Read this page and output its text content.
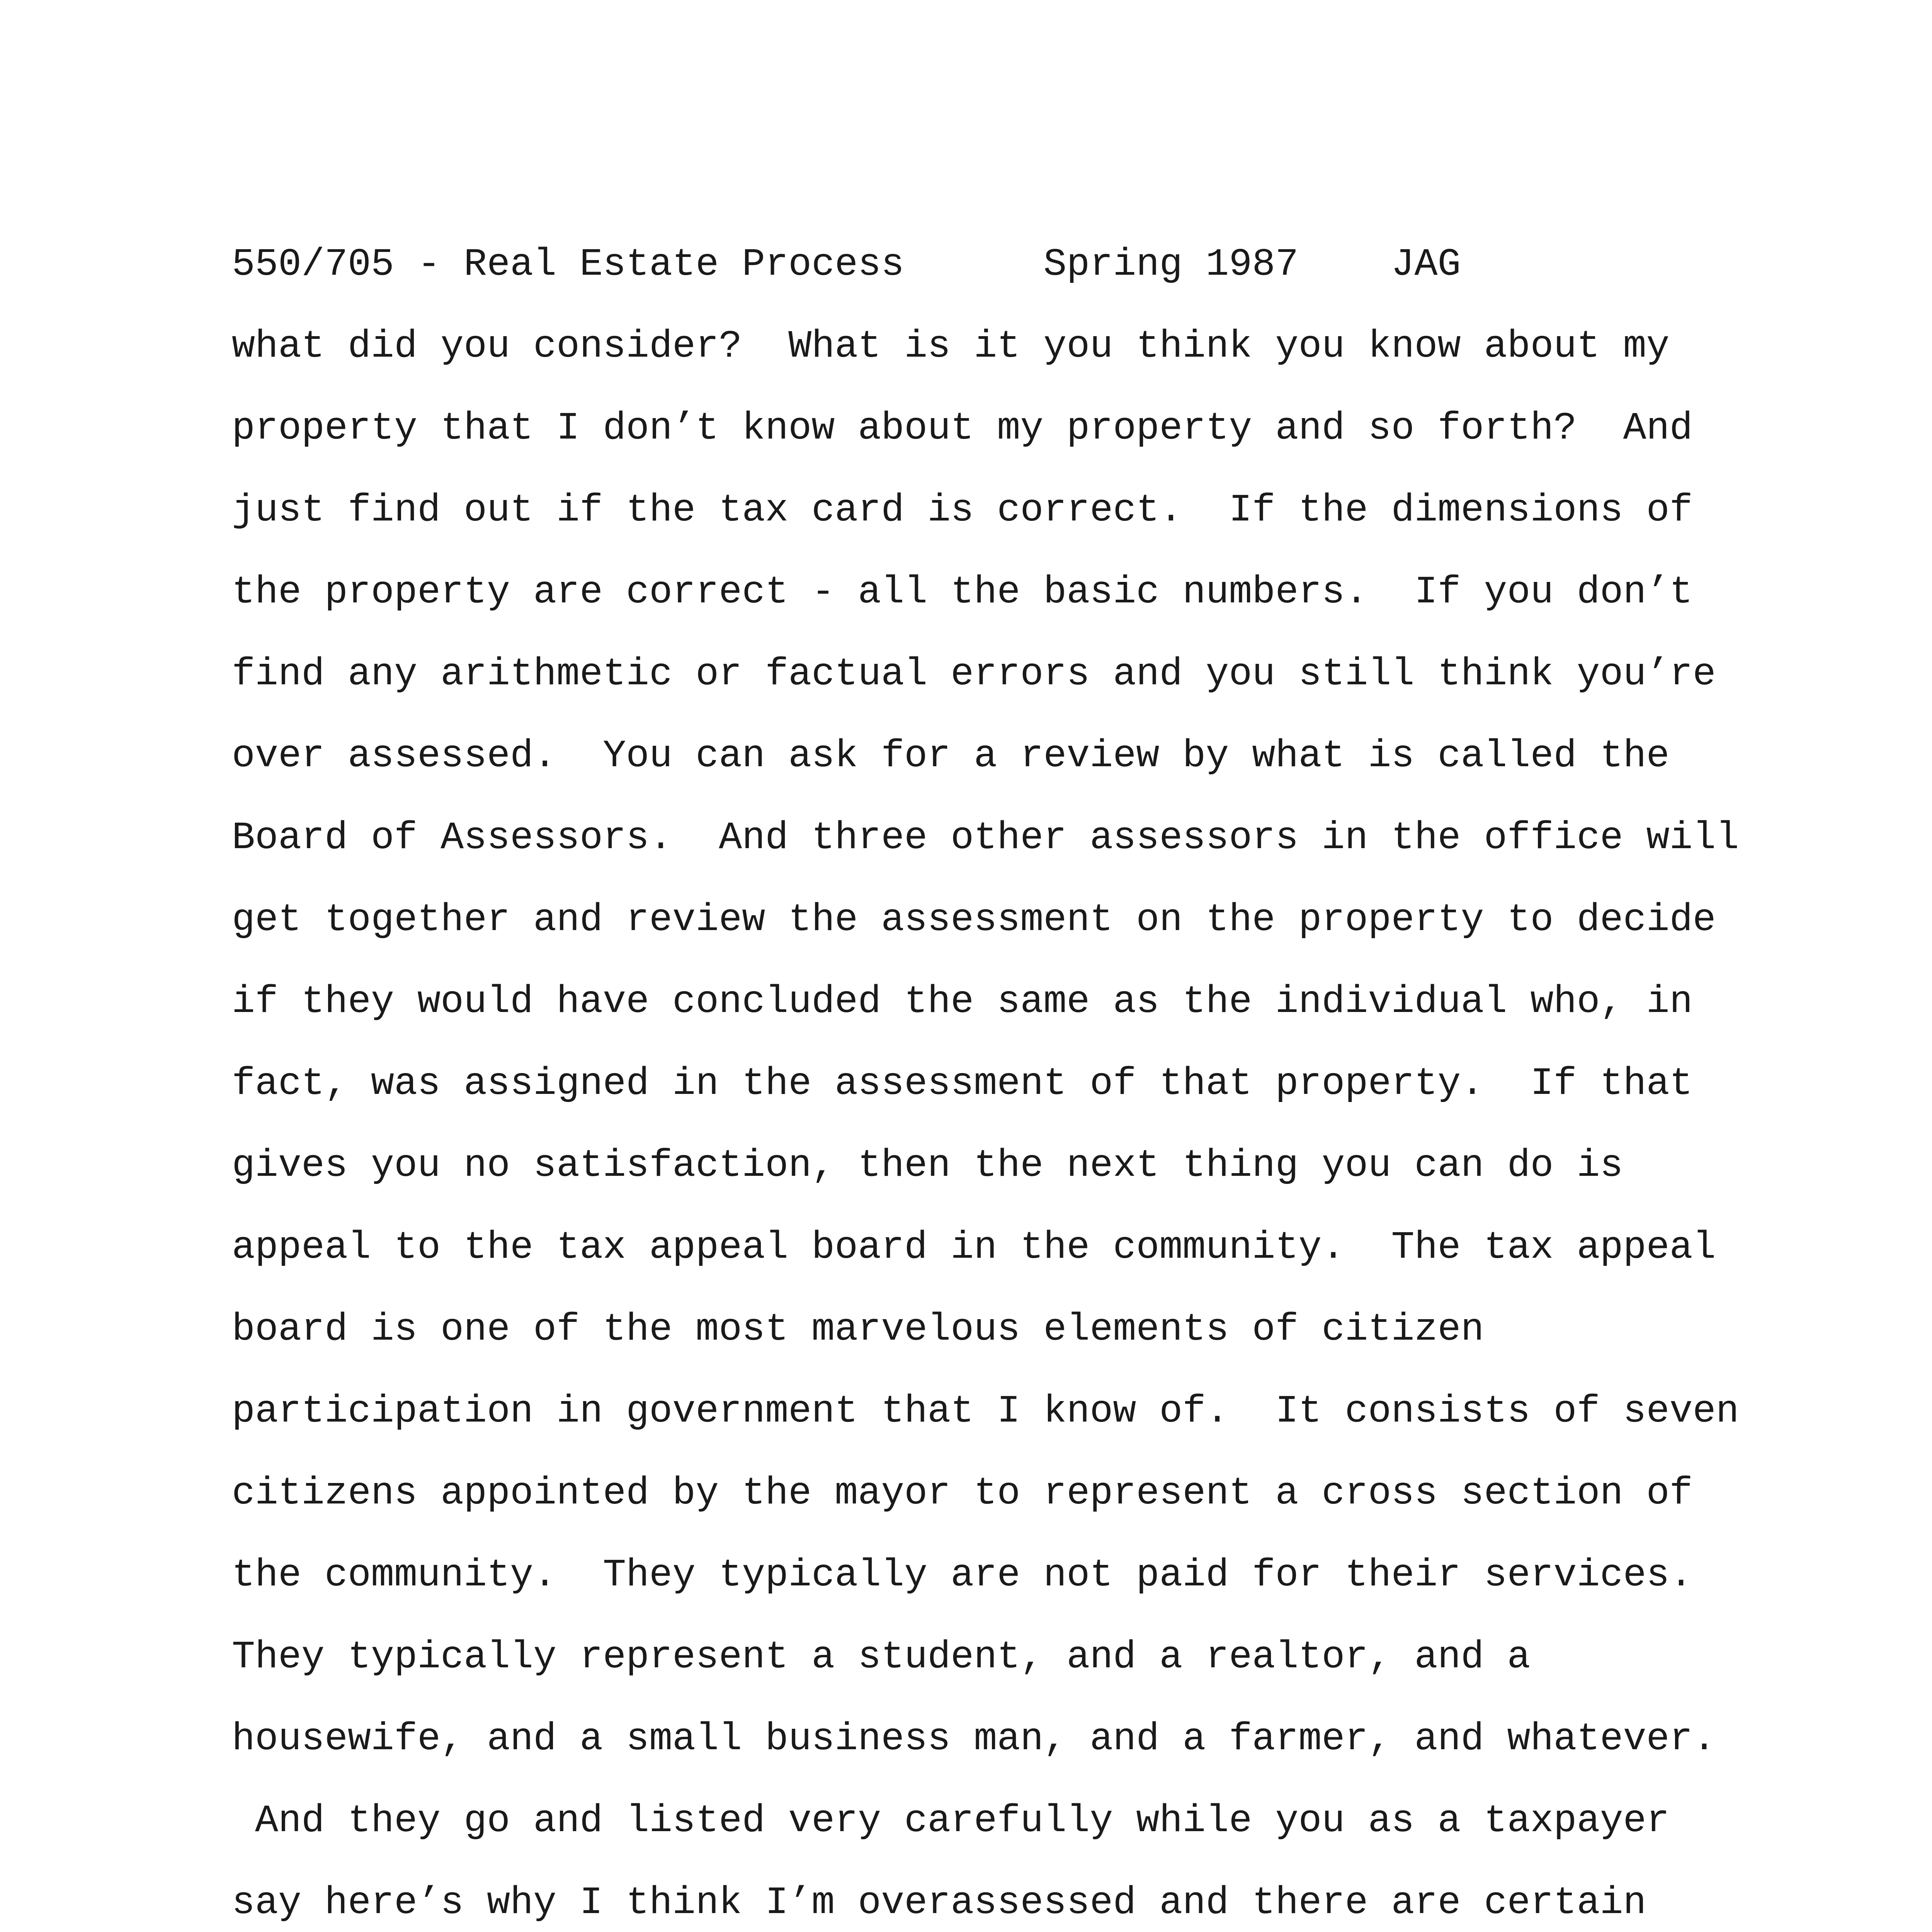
550/705 - Real Estate Process      Spring 1987    JAG

what did you consider?  What is it you think you know about my

property that I don’t know about my property and so forth?  And

just find out if the tax card is correct.  If the dimensions of

the property are correct - all the basic numbers.  If you don’t

find any arithmetic or factual errors and you still think you’re

over assessed.  You can ask for a review by what is called the

Board of Assessors.  And three other assessors in the office will

get together and review the assessment on the property to decide

if they would have concluded the same as the individual who, in

fact, was assigned in the assessment of that property.  If that

gives you no satisfaction, then the next thing you can do is

appeal to the tax appeal board in the community.  The tax appeal

board is one of the most marvelous elements of citizen

participation in government that I know of.  It consists of seven

citizens appointed by the mayor to represent a cross section of

the community.  They typically are not paid for their services.

They typically represent a student, and a realtor, and a

housewife, and a small business man, and a farmer, and whatever.

And they go and listed very carefully while you as a taxpayer

say here’s why I think I’m overassessed and there are certain
